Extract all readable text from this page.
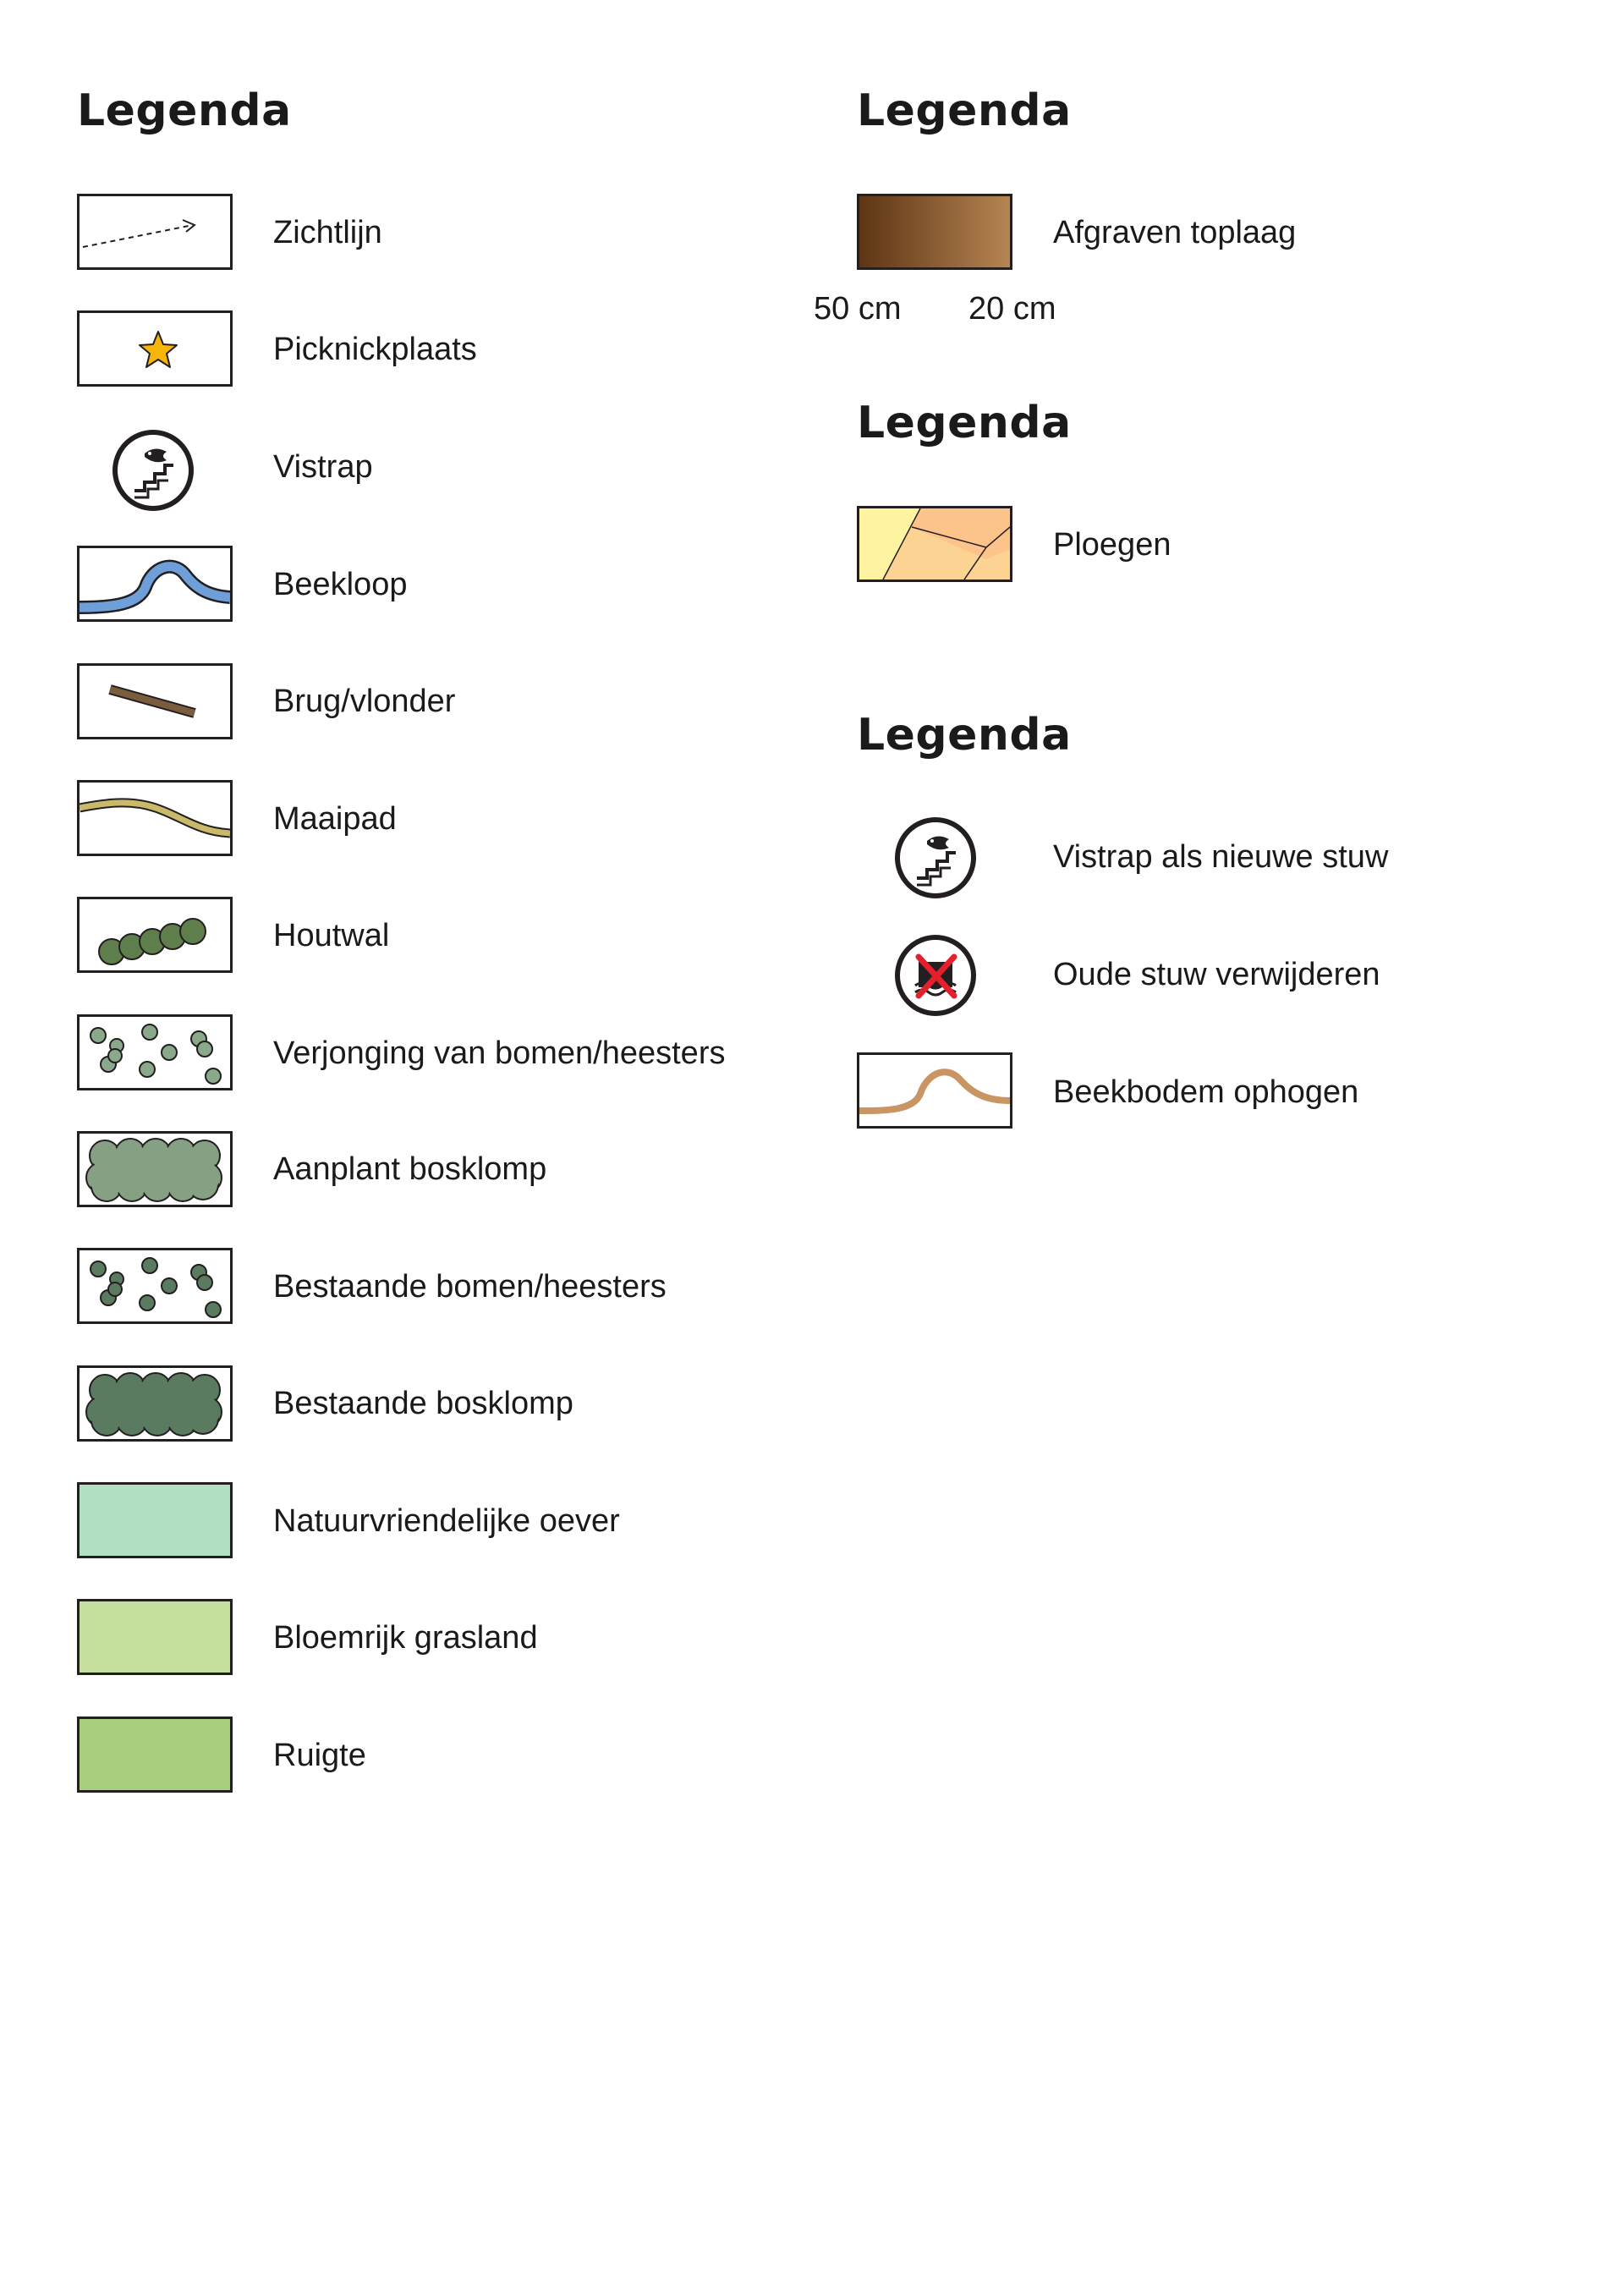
Legenda
Zichtlijn
Picknickplaats
Vistrap
Beekloop
Brug/vlonder
Maaipad
Houtwal
Verjonging van bomen/heesters
Aanplant bosklomp
Bestaande bomen/heesters
Bestaande bosklomp
Natuurvriendelijke oever
Bloemrijk grasland
Ruigte
Legenda
Afgraven toplaag
50 cm 20 cm
Legenda
Ploegen
Legenda
Vistrap als nieuwe stuw
Oude stuw verwijderen
Beekbodem ophogen
